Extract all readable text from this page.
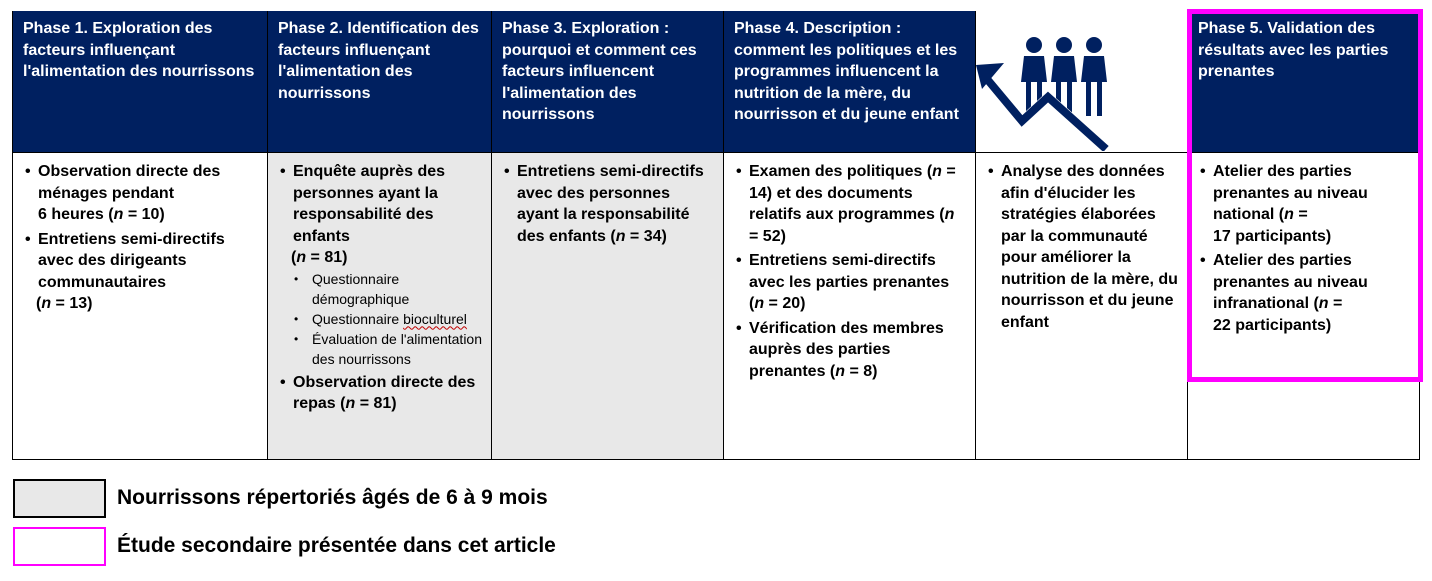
Phase 1. Exploration des facteurs influençant l'alimentation des nourrissons
• Observation directe des ménages pendant
6 heures (n = 10)
• Entretiens semi-directifs avec des dirigeants communautaires
(n = 13)
Phase 2. Identification des facteurs influençant l'alimentation des nourrissons
• Enquête auprès des personnes ayant la responsabilité des enfants
(n = 81)
• Questionnaire démographique
• Questionnaire bioculturel
• Évaluation de l'alimentation des nourrissons
• Observation directe des repas (n = 81)
Phase 3. Exploration : pourquoi et comment ces facteurs influencent l'alimentation des nourrissons
• Entretiens semi-directifs avec des personnes ayant la responsabilité des enfants (n = 34)
Phase 4. Description : comment les politiques et les programmes influencent la nutrition de la mère, du nourrisson et du jeune enfant
• Examen des politiques (n = 14) et des documents relatifs aux programmes (n = 52)
• Entretiens semi-directifs avec les parties prenantes (n = 20)
• Vérification des membres auprès des parties prenantes (n = 8)
• Analyse des données afin d'élucider les stratégies élaborées par la communauté pour améliorer la nutrition de la mère, du nourrisson et du jeune enfant
Phase 5. Validation des résultats avec les parties prenantes
• Atelier des parties prenantes au niveau national (n =
17 participants)
• Atelier des parties prenantes au niveau infranational (n =
22 participants)
Nourrissons répertoriés âgés de 6 à 9 mois
Étude secondaire présentée dans cet article
